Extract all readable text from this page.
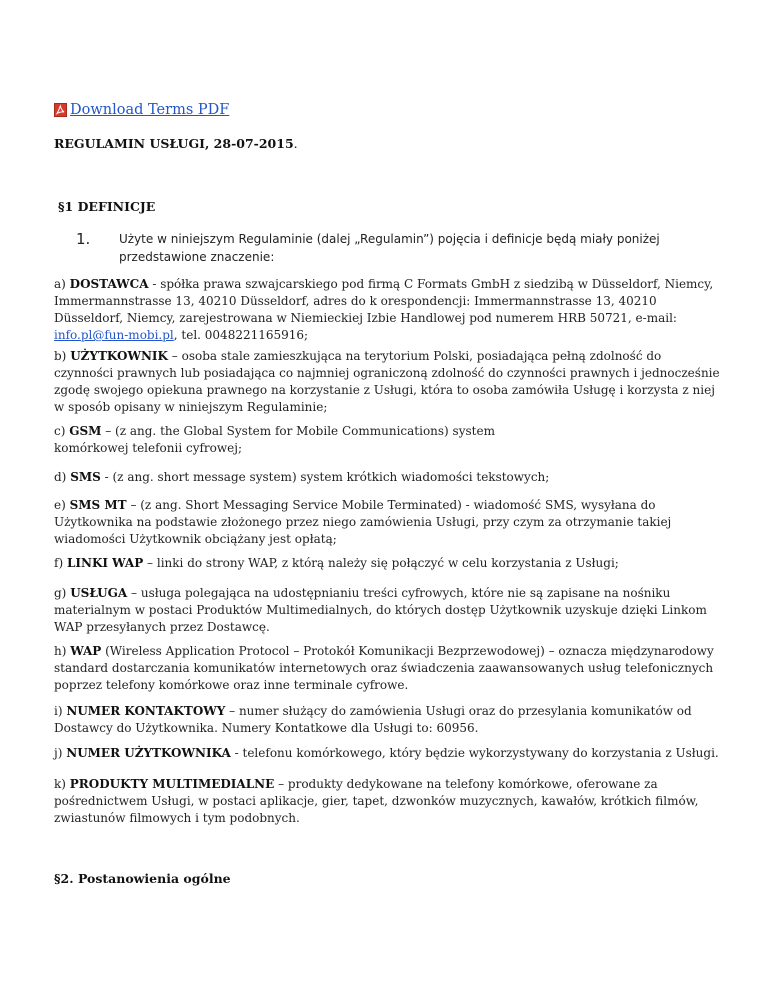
Download Terms PDF
REGULAMIN USŁUGI, 28-07-2015.
§1 DEFINICJE
1. Użyte w niniejszym Regulaminie (dalej „Regulamin”) pojęcia i definicje będą miały poniżej przedstawione znaczenie:

a) DOSTAWCA - spółka prawa szwajcarskiego pod firmą C Formats GmbH z siedzibą w Düsseldorf, Niemcy, Immermannstrasse 13, 40210 Düsseldorf, adres do k orespondencji: Immermannstrasse 13, 40210 Düsseldorf, Niemcy, zarejestrowana w Niemieckiej Izbie Handlowej pod numerem HRB 50721, e-mail: info.pl@fun-mobi.pl, tel. 0048221165916;

b) UŻYTKOWNIK – osoba stale zamieszkująca na terytorium Polski, posiadająca pełną zdolność do czynności prawnych lub posiadająca co najmniej ograniczoną zdolność do czynności prawnych i jednocześnie zgodę swojego opiekuna prawnego na korzystanie z Usługi, która to osoba zamówiła Usługę i korzysta z niej w sposób opisany w niniejszym Regulaminie;

c) GSM – (z ang. the Global System for Mobile Communications) system komórkowej telefonii cyfrowej;

d) SMS - (z ang. short message system) system krótkich wiadomości tekstowych;

e) SMS MT – (z ang. Short Messaging Service Mobile Terminated) - wiadomość SMS, wysyłana do Użytkownika na podstawie złożonego przez niego zamówienia Usługi, przy czym za otrzymanie takiej wiadomości Użytkownik obciążany jest opłatą;

f) LINKI WAP – linki do strony WAP, z którą należy się połączyć w celu korzystania z Usługi;

g) USŁUGA – usługa polegająca na udostępnianiu treści cyfrowych, które nie są zapisane na nośniku materialnym w postaci Produktów Multimedialnych, do których dostęp Użytkownik uzyskuje dzięki Linkom WAP przesyłanych przez Dostawcę.

h) WAP (Wireless Application Protocol – Protokół Komunikacji Bezprzewodowej) – oznacza międzynarodowy standard dostarczania komunikatów internetowych oraz świadczenia zaawansowanych usług telefonicznych poprzez telefony komórkowe oraz inne terminale cyfrowe.

i) NUMER KONTAKTOWY – numer służący do zamówienia Usługi oraz do przesylania komunikatów od Dostawcy do Użytkownika. Numery Kontatkowe dla Usługi to: 60956.

j) NUMER UŻYTKOWNIKA - telefonu komórkowego, który będzie wykorzystywany do korzystania z Usługi.

k) PRODUKTY MULTIMEDIALNE – produkty dedykowane na telefony komórkowe, oferowane za pośrednictwem Usługi, w postaci aplikacje, gier, tapet, dzwonków muzycznych, kawałów, krótkich filmów, zwiastunów filmowych i tym podobnych.

§2. Postanowienia ogólne
